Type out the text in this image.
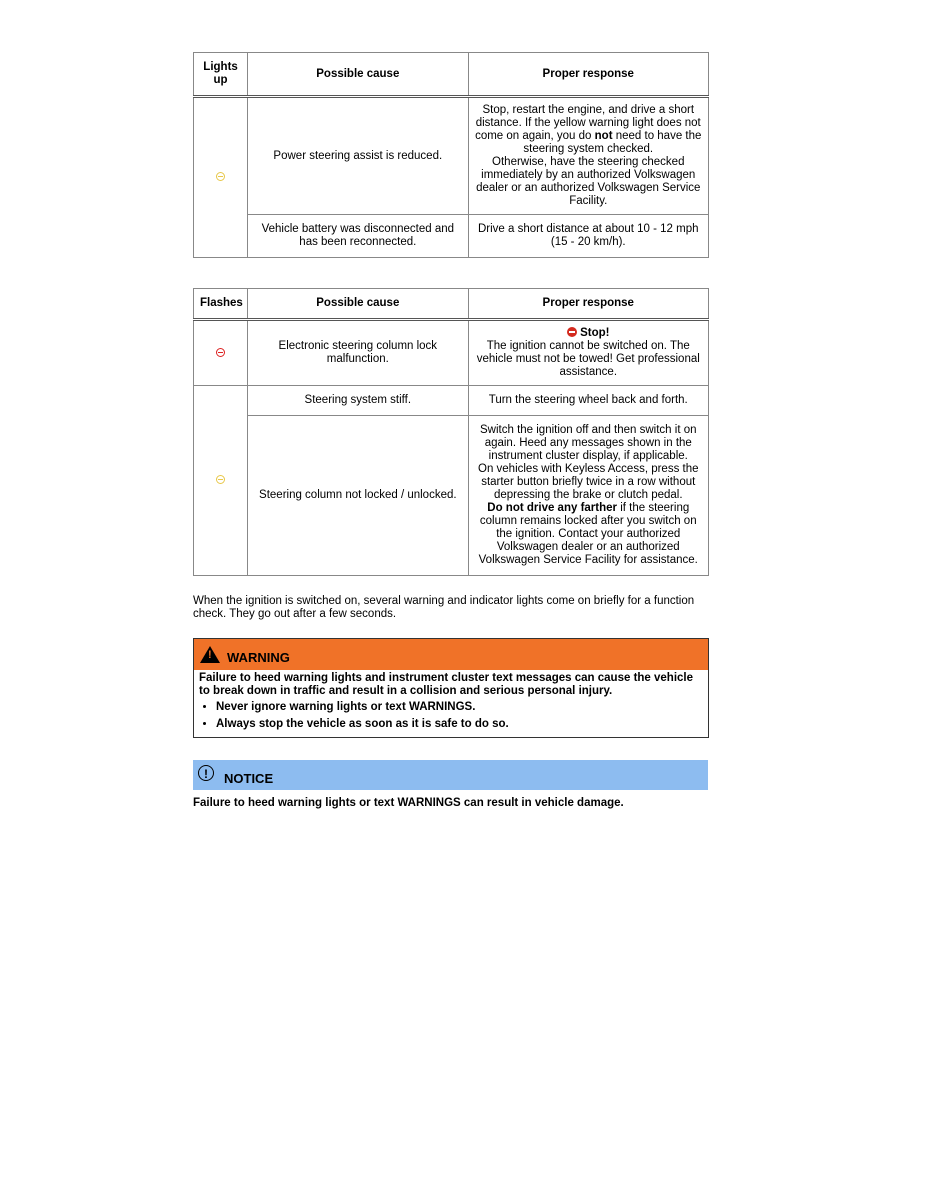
Lights up	Possible cause	Proper response
	Power steering assist is reduced.	Stop, restart the engine, and drive a short distance. If the yellow warning light does not come on again, you do not need to have the steering system checked.
Otherwise, have the steering checked immediately by an authorized Volkswagen dealer or an authorized Volkswagen Service Facility.
	Vehicle battery was disconnected and has been reconnected.	Drive a short distance at about 10 - 12 mph (15 - 20 km/h).
Flashes	Possible cause	Proper response
	Electronic steering column lock malfunction.	Stop!
The ignition cannot be switched on. The vehicle must not be towed! Get professional assistance.
	Steering system stiff.	Turn the steering wheel back and forth.
	Steering column not locked / unlocked.	Switch the ignition off and then switch it on again. Heed any messages shown in the instrument cluster display, if applicable.
On vehicles with Keyless Access, press the starter button briefly twice in a row without depressing the brake or clutch pedal.
Do not drive any farther if the steering column remains locked after you switch on the ignition. Contact your authorized Volkswagen dealer or an authorized Volkswagen Service Facility for assistance.

When the ignition is switched on, several warning and indicator lights come on briefly for a function check. They go out after a few seconds.

!
WARNING
Failure to heed warning lights and instrument cluster text messages can cause the vehicle to break down in traffic and result in a collision and serious personal injury.
• Never ignore warning lights or text WARNINGS.
• Always stop the vehicle as soon as it is safe to do so.
!	NOTICE
Failure to heed warning lights or text WARNINGS can result in vehicle damage.
